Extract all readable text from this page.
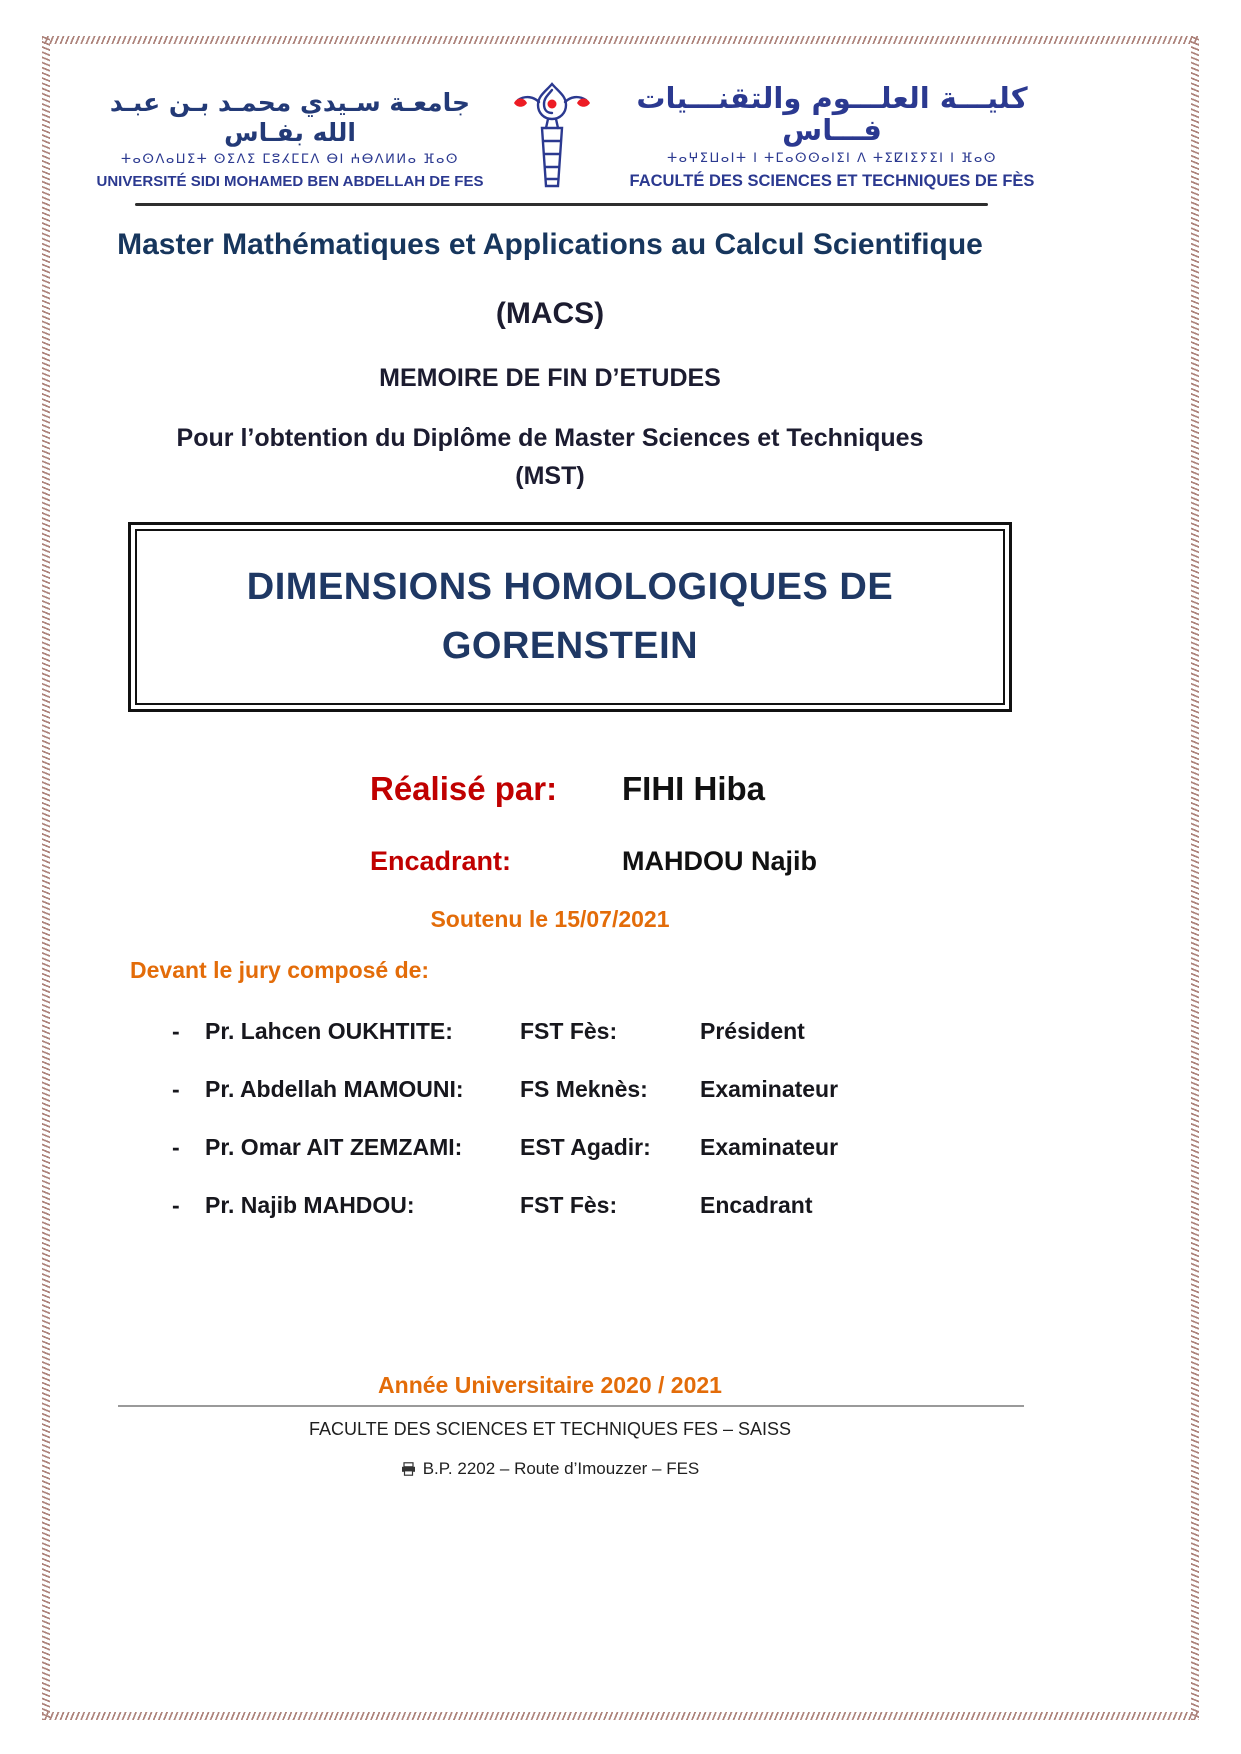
جامعـة سـيدي محمـد بـن عبـد الله بفـاس
ⵜⴰⵙⴷⴰⵡⵉⵜ ⵙⵉⴷⵉ ⵎⵓⵃⵎⵎⴷ ⴱⵏ ⵄⴱⴷⵍⵍⴰ ⴼⴰⵙ
UNIVERSITÉ SIDI MOHAMED BEN ABDELLAH DE FES
كليـــة العلـــوم والتقنـــيات فـــاس
ⵜⴰⵖⵉⵡⴰⵏⵜ ⵏ ⵜⵎⴰⵙⵙⴰⵏⵉⵏ ⴷ ⵜⵉⵇⵏⵉⵢⵉⵏ ⵏ ⴼⴰⵙ
FACULTÉ DES SCIENCES ET TECHNIQUES DE FÈS
Master Mathématiques et Applications au Calcul Scientifique
(MACS)
MEMOIRE DE FIN D’ETUDES
Pour l’obtention du Diplôme de Master Sciences et Techniques
(MST)
DIMENSIONS HOMOLOGIQUES DE
GORENSTEIN
Réalisé par: FIHI Hiba
Encadrant:	MAHDOU Najib
Soutenu le 15/07/2021
Devant le jury composé de:
- Pr. Lahcen OUKHTITE:	FST Fès:	Président
- Pr. Abdellah MAMOUNI: FS Meknès: Examinateur
- Pr. Omar AIT ZEMZAMI:	EST Agadir: Examinateur
- Pr. Najib MAHDOU:	FST Fès:	Encadrant
Année Universitaire 2020 / 2021
FACULTE DES SCIENCES ET TECHNIQUES FES – SAISS
B.P. 2202 – Route d’Imouzzer – FES
